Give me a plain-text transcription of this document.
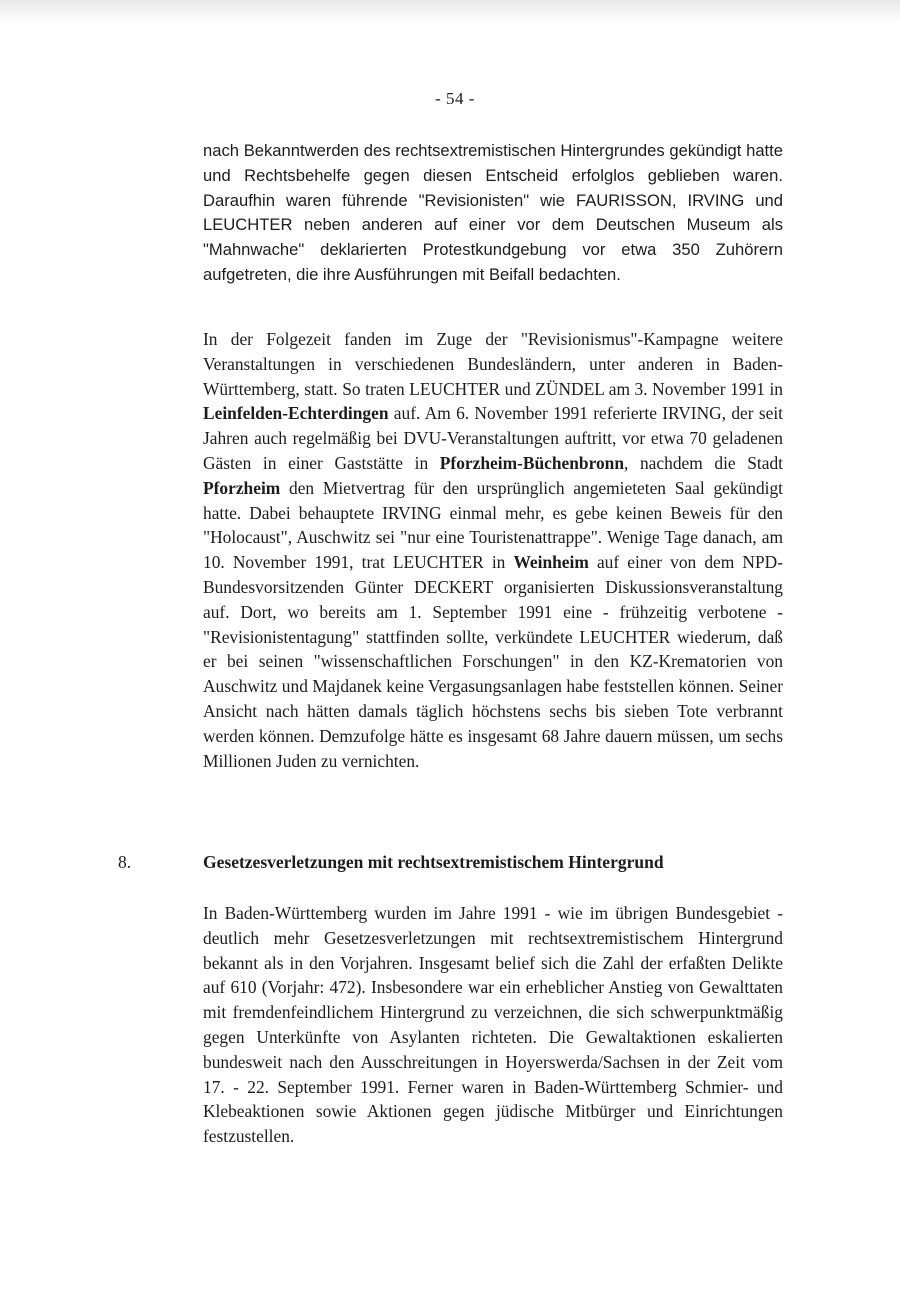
- 54 -

nach Bekanntwerden des rechtsextremistischen Hintergrundes gekündigt hatte und Rechtsbehelfe gegen diesen Entscheid erfolglos geblieben waren. Daraufhin waren führende "Revisionisten" wie FAURISSON, IRVING und LEUCHTER neben anderen auf einer vor dem Deutschen Museum als "Mahnwache" deklarierten Protestkundgebung vor etwa 350 Zuhörern aufgetreten, die ihre Ausführungen mit Beifall bedachten.

In der Folgezeit fanden im Zuge der "Revisionismus"-Kampagne weitere Veranstaltungen in verschiedenen Bundesländern, unter anderen in Baden-Württemberg, statt. So traten LEUCHTER und ZÜNDEL am 3. November 1991 in Leinfelden-Echterdingen auf. Am 6. November 1991 referierte IRVING, der seit Jahren auch regelmäßig bei DVU-Veranstaltungen auftritt, vor etwa 70 geladenen Gästen in einer Gaststätte in Pforzheim-Büchenbronn, nachdem die Stadt Pforzheim den Mietvertrag für den ursprünglich angemieteten Saal gekündigt hatte. Dabei behauptete IRVING einmal mehr, es gebe keinen Beweis für den "Holocaust", Auschwitz sei "nur eine Touristenattrappe". Wenige Tage danach, am 10. November 1991, trat LEUCHTER in Weinheim auf einer von dem NPD-Bundesvorsitzenden Günter DECKERT organisierten Diskussionsveranstaltung auf. Dort, wo bereits am 1. September 1991 eine - frühzeitig verbotene - "Revisionistentagung" stattfinden sollte, verkündete LEUCHTER wiederum, daß er bei seinen "wissenschaftlichen Forschungen" in den KZ-Krematorien von Auschwitz und Majdanek keine Vergasungsanlagen habe feststellen können. Seiner Ansicht nach hätten damals täglich höchstens sechs bis sieben Tote verbrannt werden können. Demzufolge hätte es insgesamt 68 Jahre dauern müssen, um sechs Millionen Juden zu vernichten.

8.	Gesetzesverletzungen mit rechtsextremistischem Hintergrund

In Baden-Württemberg wurden im Jahre 1991 - wie im übrigen Bundesgebiet - deutlich mehr Gesetzesverletzungen mit rechtsextremistischem Hintergrund bekannt als in den Vorjahren. Insgesamt belief sich die Zahl der erfaßten Delikte auf 610 (Vorjahr: 472). Insbesondere war ein erheblicher Anstieg von Gewalttaten mit fremdenfeindlichem Hintergrund zu verzeichnen, die sich schwerpunktmäßig gegen Unterkünfte von Asylanten richteten. Die Gewaltaktionen eskalierten bundesweit nach den Ausschreitungen in Hoyerswerda/Sachsen in der Zeit vom 17. - 22. September 1991. Ferner waren in Baden-Württemberg Schmier- und Klebeaktionen sowie Aktionen gegen jüdische Mitbürger und Einrichtungen festzustellen.
